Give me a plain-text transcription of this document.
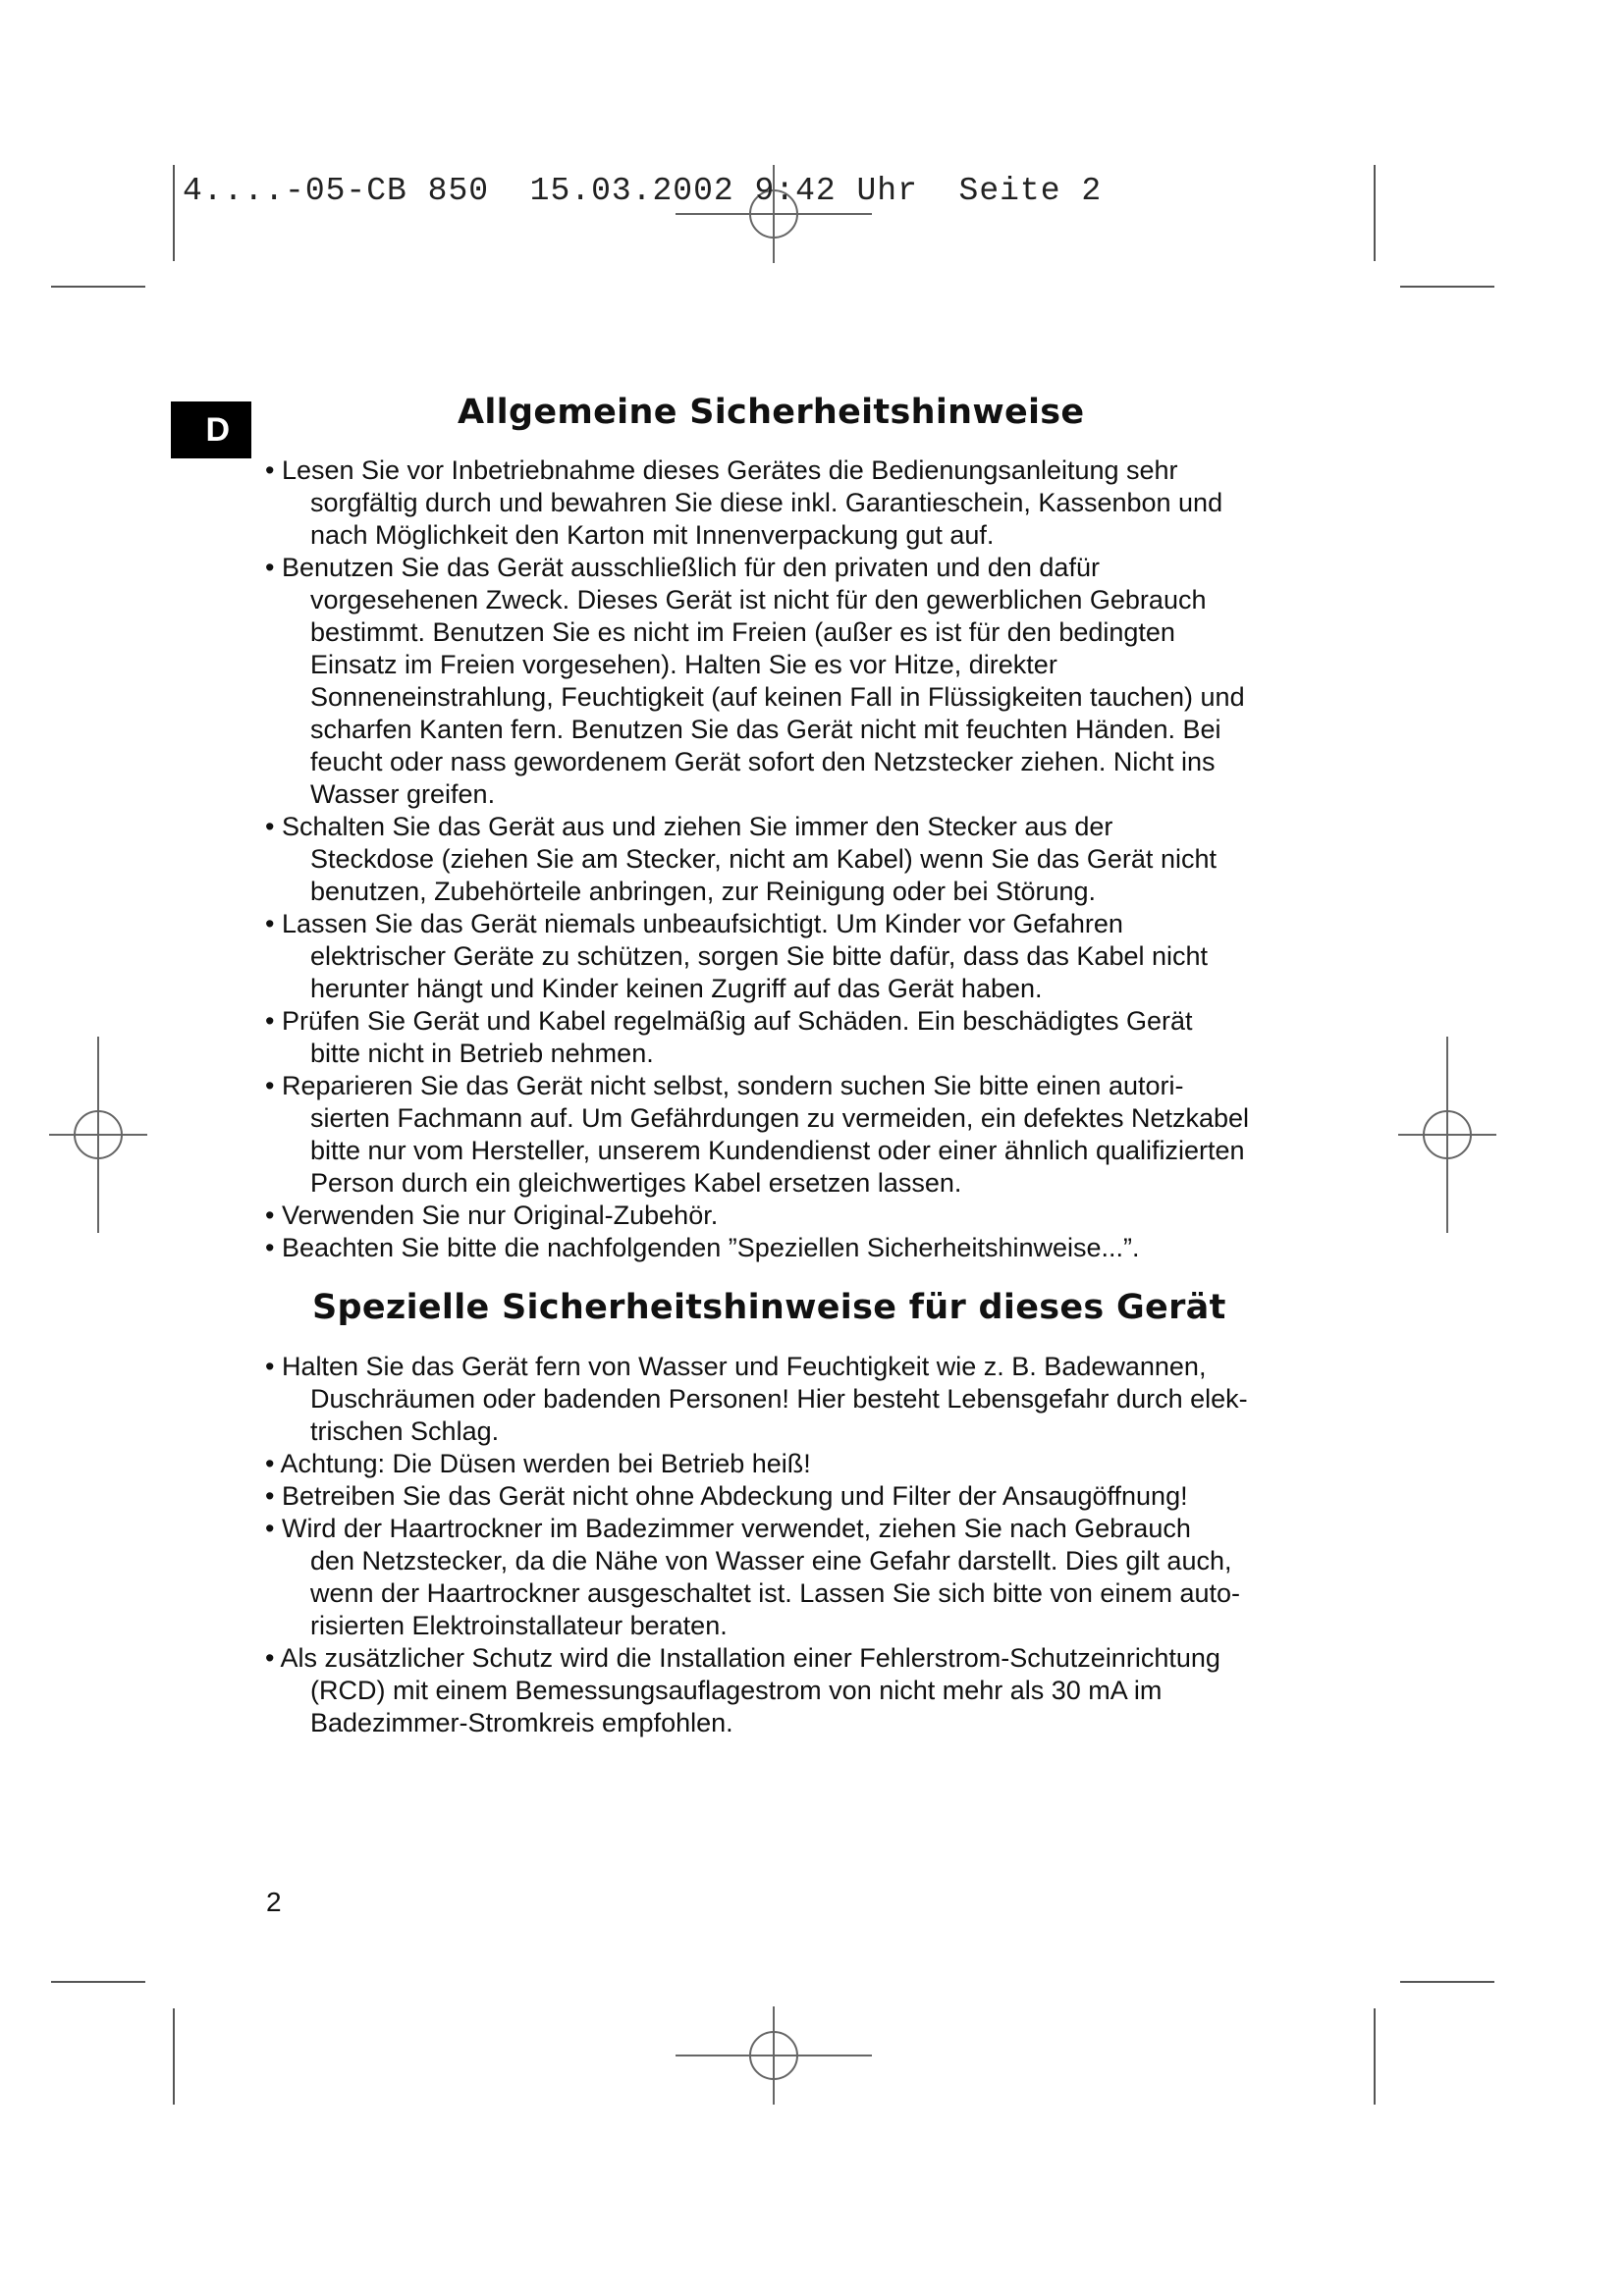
4....-05-CB 850  15.03.2002 9:42 Uhr  Seite 2
D	Allgemeine Sicherheitshinweise
• Lesen Sie vor Inbetriebnahme dieses Gerätes die Bedienungsanleitung sehr
sorgfältig durch und bewahren Sie diese inkl. Garantieschein, Kassenbon und
nach Möglichkeit den Karton mit Innenverpackung gut auf.
• Benutzen Sie das Gerät ausschließlich für den privaten und den dafür
vorgesehenen Zweck. Dieses Gerät ist nicht für den gewerblichen Gebrauch
bestimmt. Benutzen Sie es nicht im Freien (außer es ist für den bedingten
Einsatz im Freien vorgesehen). Halten Sie es vor Hitze, direkter
Sonneneinstrahlung, Feuchtigkeit (auf keinen Fall in Flüssigkeiten tauchen) und
scharfen Kanten fern. Benutzen Sie das Gerät nicht mit feuchten Händen. Bei
feucht oder nass gewordenem Gerät sofort den Netzstecker ziehen. Nicht ins
Wasser greifen.
• Schalten Sie das Gerät aus und ziehen Sie immer den Stecker aus der
Steckdose (ziehen Sie am Stecker, nicht am Kabel) wenn Sie das Gerät nicht
benutzen, Zubehörteile anbringen, zur Reinigung oder bei Störung.
• Lassen Sie das Gerät niemals unbeaufsichtigt. Um Kinder vor Gefahren
elektrischer Geräte zu schützen, sorgen Sie bitte dafür, dass das Kabel nicht
herunter hängt und Kinder keinen Zugriff auf das Gerät haben.
• Prüfen Sie Gerät und Kabel regelmäßig auf Schäden. Ein beschädigtes Gerät
bitte nicht in Betrieb nehmen.
• Reparieren Sie das Gerät nicht selbst, sondern suchen Sie bitte einen autori-
sierten Fachmann auf. Um Gefährdungen zu vermeiden, ein defektes Netzkabel
bitte nur vom Hersteller, unserem Kundendienst oder einer ähnlich qualifizierten
Person durch ein gleichwertiges Kabel ersetzen lassen.
• Verwenden Sie nur Original-Zubehör.
• Beachten Sie bitte die nachfolgenden ”Speziellen Sicherheitshinweise...”.
Spezielle Sicherheitshinweise für dieses Gerät
• Halten Sie das Gerät fern von Wasser und Feuchtigkeit wie z. B. Badewannen,
Duschräumen oder badenden Personen! Hier besteht Lebensgefahr durch elek-
trischen Schlag.
• Achtung: Die Düsen werden bei Betrieb heiß!
• Betreiben Sie das Gerät nicht ohne Abdeckung und Filter der Ansaugöffnung!
• Wird der Haartrockner im Badezimmer verwendet, ziehen Sie nach Gebrauch
den Netzstecker, da die Nähe von Wasser eine Gefahr darstellt. Dies gilt auch,
wenn der Haartrockner ausgeschaltet ist. Lassen Sie sich bitte von einem auto-
risierten Elektroinstallateur beraten.
• Als zusätzlicher Schutz wird die Installation einer Fehlerstrom-Schutzeinrichtung
(RCD) mit einem Bemessungsauflagestrom von nicht mehr als 30 mA im
Badezimmer-Stromkreis empfohlen.
2
